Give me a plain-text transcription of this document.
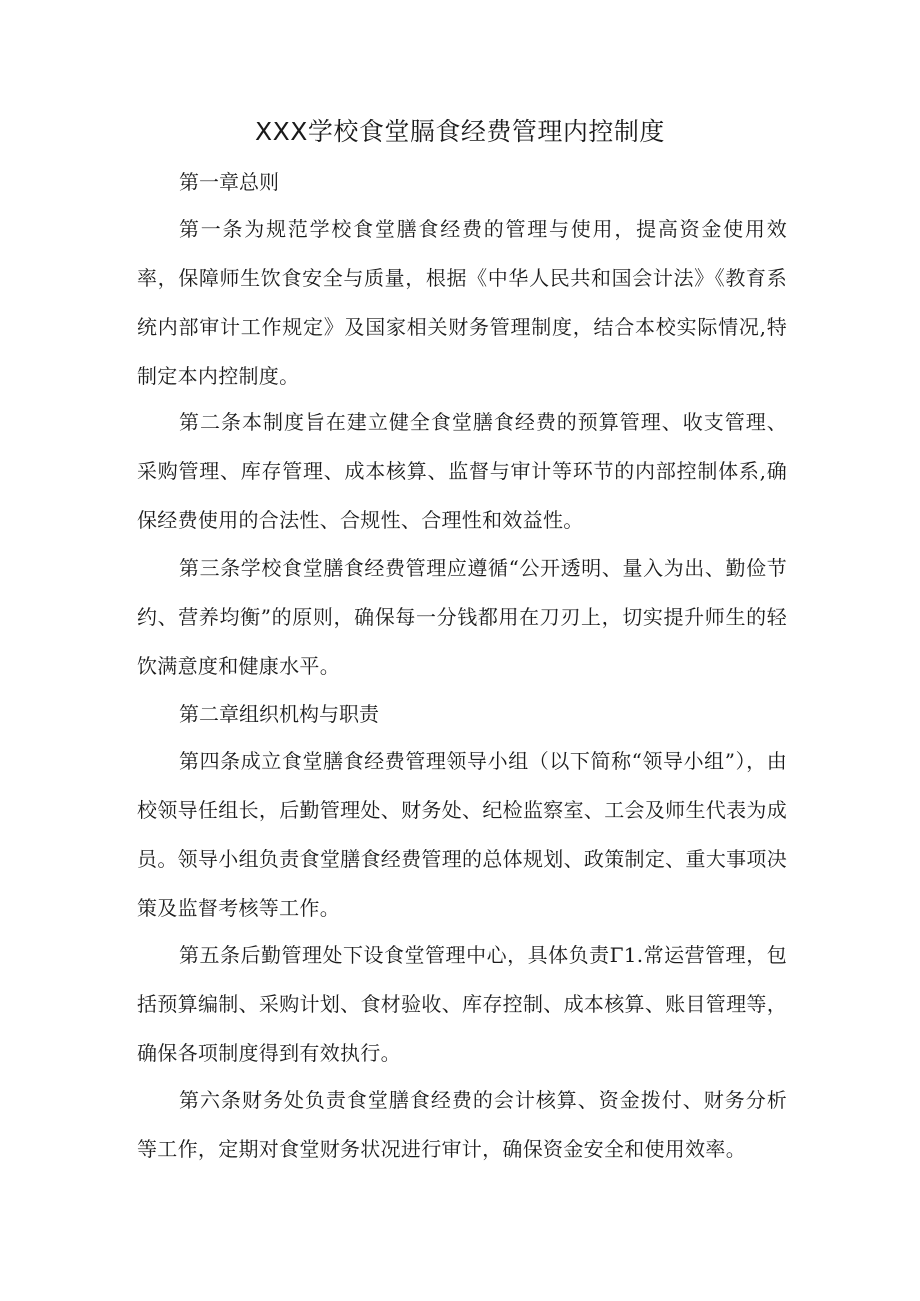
XXX学校食堂膈食经费管理内控制度
第一章总则
第一条为规范学校食堂膳食经费的管理与使用，提高资金使用效率，保障师生饮食安全与质量，根据《中华人民共和国会计法》《教育系统内部审计工作规定》及国家相关财务管理制度，结合本校实际情况,特制定本内控制度。
第二条本制度旨在建立健全食堂膳食经费的预算管理、收支管理、采购管理、库存管理、成本核算、监督与审计等环节的内部控制体系,确保经费使用的合法性、合规性、合理性和效益性。
第三条学校食堂膳食经费管理应遵循“公开透明、量入为出、勤俭节约、营养均衡”的原则，确保每一分钱都用在刀刃上，切实提升师生的轻饮满意度和健康水平。
第二章组织机构与职责
第四条成立食堂膳食经费管理领导小组（以下简称“领导小组”），由校领导任组长，后勤管理处、财务处、纪检监察室、工会及师生代表为成员。领导小组负责食堂膳食经费管理的总体规划、政策制定、重大事项决策及监督考核等工作。
第五条后勤管理处下设食堂管理中心，具体负责Γ1.常运营管理，包括预算编制、采购计划、食材验收、库存控制、成本核算、账目管理等，确保各项制度得到有效执行。
第六条财务处负责食堂膳食经费的会计核算、资金拨付、财务分析等工作，定期对食堂财务状况进行审计，确保资金安全和使用效率。
